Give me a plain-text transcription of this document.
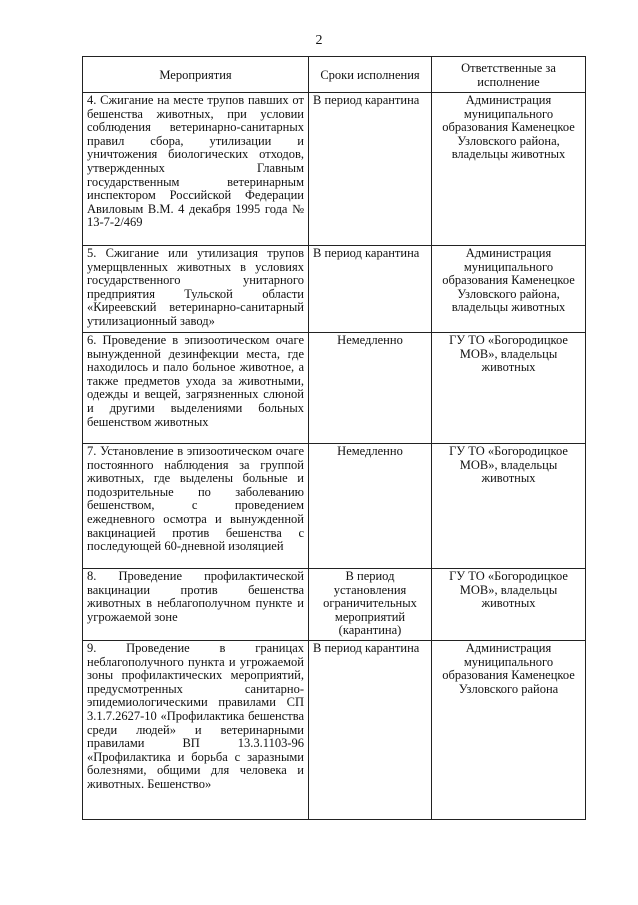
2
Мероприятия	Сроки исполнения	Ответственные за исполнение
4. Сжигание на месте трупов павших от бешенства животных, при условии соблюдения ветеринарно-санитарных правил сбора, утилизации и уничтожения биологических отходов, утвержденных Главным государственным ветеринарным инспектором Российской Федерации Авиловым В.М. 4 декабря 1995 года № 13-7-2/469	В период карантина	Администрация муниципального образования Каменецкое Узловского района, владельцы животных
5. Сжигание или утилизация трупов умерщвленных животных в условиях государственного унитарного предприятия Тульской области «Киреевский ветеринарно-санитарный утилизационный завод»	В период карантина	Администрация муниципального образования Каменецкое Узловского района, владельцы животных
6. Проведение в эпизоотическом очаге вынужденной дезинфекции места, где находилось и пало больное животное, а также предметов ухода за животными, одежды и вещей, загрязненных слюной и другими выделениями больных бешенством животных	Немедленно	ГУ ТО «Богородицкое МОВ», владельцы животных
7. Установление в эпизоотическом очаге постоянного наблюдения за группой животных, где выделены больные и подозрительные по заболеванию бешенством, с проведением ежедневного осмотра и вынужденной вакцинацией против бешенства с последующей 60-дневной изоляцией	Немедленно	ГУ ТО «Богородицкое МОВ», владельцы животных
8. Проведение профилактической вакцинации против бешенства животных в неблагополучном пункте и угрожаемой зоне	В период установления ограничительных мероприятий (карантина)	ГУ ТО «Богородицкое МОВ», владельцы животных
9. Проведение в границах неблагополучного пункта и угрожаемой зоны профилактических мероприятий, предусмотренных санитарно-эпидемиологическими правилами СП 3.1.7.2627-10 «Профилактика бешенства среди людей» и ветеринарными правилами ВП 13.3.1103-96 «Профилактика и борьба с заразными болезнями, общими для человека и животных. Бешенство»	В период карантина	Администрация муниципального образования Каменецкое Узловского района
